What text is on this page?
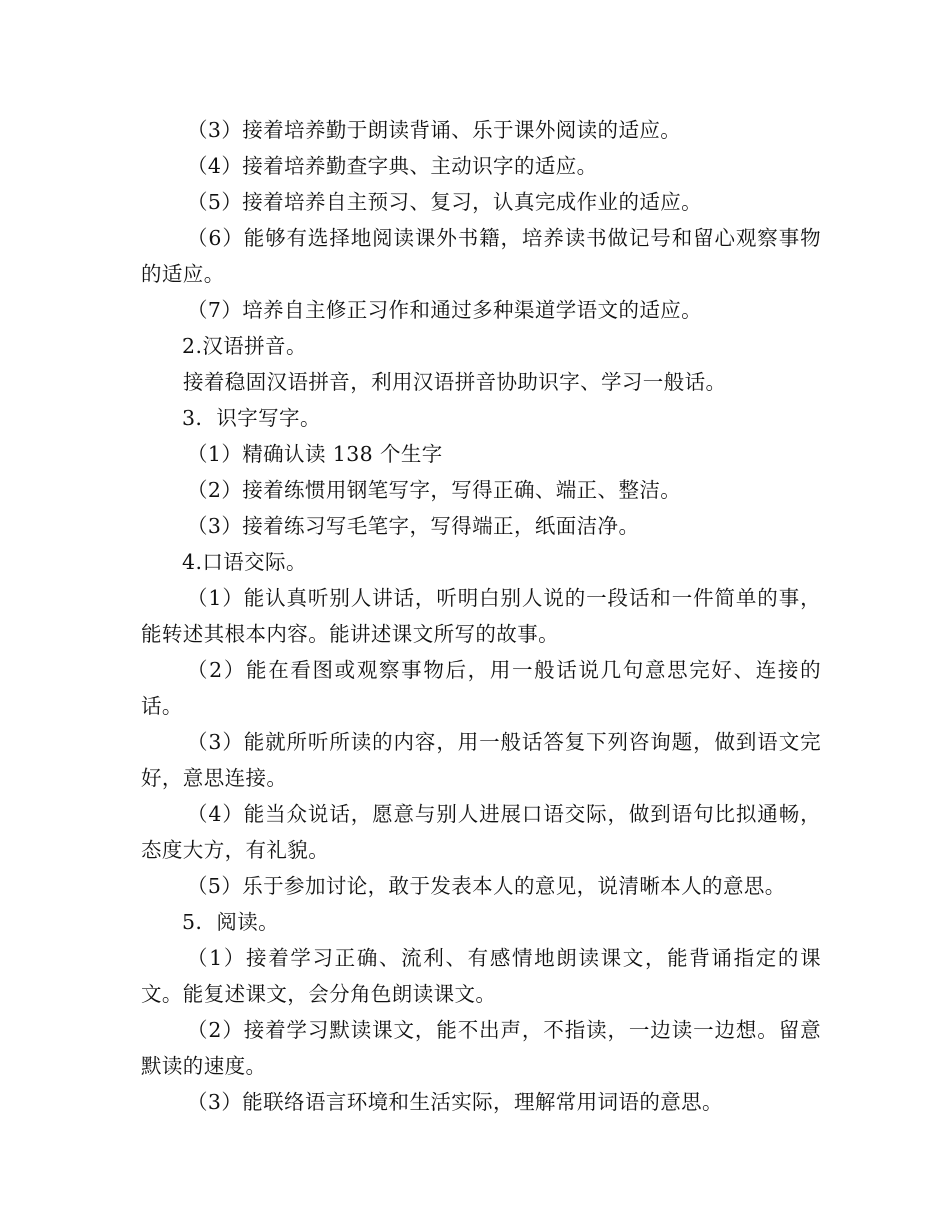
（3）接着培养勤于朗读背诵、乐于课外阅读的适应。

（4）接着培养勤查字典、主动识字的适应。

（5）接着培养自主预习、复习，认真完成作业的适应。

（6）能够有选择地阅读课外书籍，培养读书做记号和留心观察事物的适应。

（7）培养自主修正习作和通过多种渠道学语文的适应。

2.汉语拼音。

接着稳固汉语拼音，利用汉语拼音协助识字、学习一般话。

3．识字写字。

（1）精确认读 138 个生字

（2）接着练惯用钢笔写字，写得正确、端正、整洁。

（3）接着练习写毛笔字，写得端正，纸面洁净。

4.口语交际。

（1）能认真听别人讲话，听明白别人说的一段话和一件简单的事，能转述其根本内容。能讲述课文所写的故事。

（2）能在看图或观察事物后，用一般话说几句意思完好、连接的话。

（3）能就所听所读的内容，用一般话答复下列咨询题，做到语文完好，意思连接。

（4）能当众说话，愿意与别人进展口语交际，做到语句比拟通畅，态度大方，有礼貌。

（5）乐于参加讨论，敢于发表本人的意见，说清晰本人的意思。

5．阅读。

（1）接着学习正确、流利、有感情地朗读课文，能背诵指定的课文。能复述课文，会分角色朗读课文。

（2）接着学习默读课文，能不出声，不指读，一边读一边想。留意默读的速度。

（3）能联络语言环境和生活实际，理解常用词语的意思。
